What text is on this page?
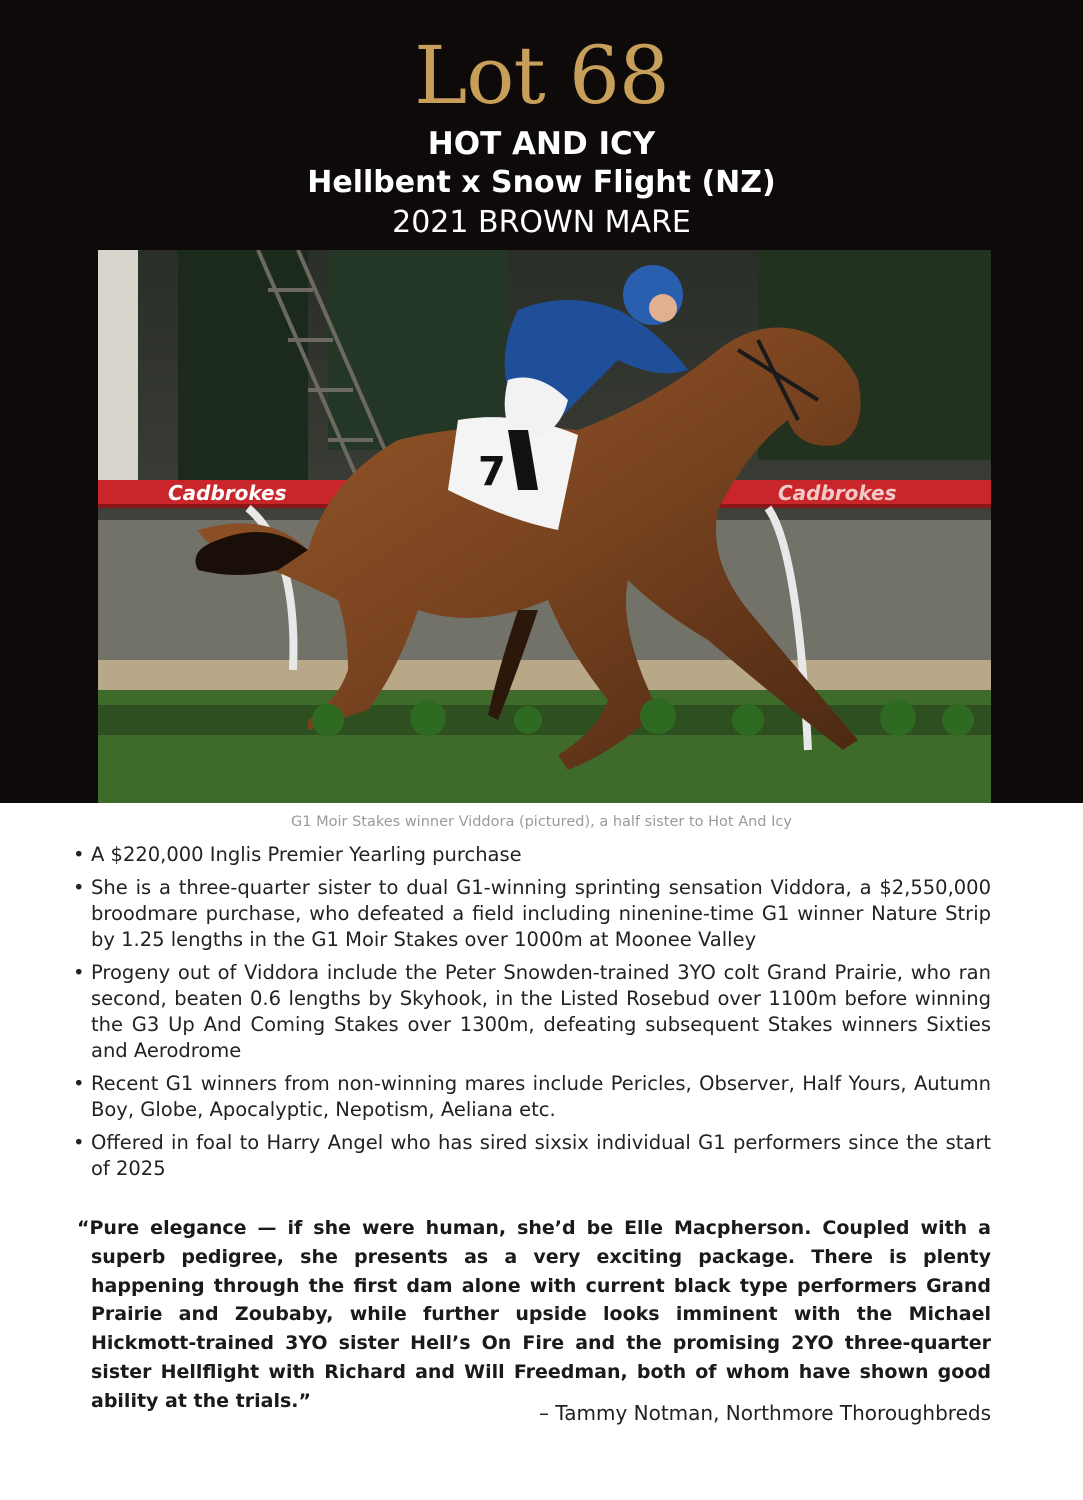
Lot 68
HOT AND ICY
Hellbent x Snow Flight (NZ)
2021 BROWN MARE
Cadbrokes	Cadbrokes
7
G1 Moir Stakes winner Viddora (pictured), a half sister to Hot And Icy
• A $220,000 Inglis Premier Yearling purchase
• She is a three-quarter sister to dual G1-winning sprinting sensation Viddora, a $2,550,000 broodmare purchase, who defeated a field including ninenine-time G1 winner Nature Strip by 1.25 lengths in the G1 Moir Stakes over 1000m at Moonee Valley
• Progeny out of Viddora include the Peter Snowden-trained 3YO colt Grand Prairie, who ran second, beaten 0.6 lengths by Skyhook, in the Listed Rosebud over 1100m before winning the G3 Up And Coming Stakes over 1300m, defeating subsequent Stakes winners Sixties and Aerodrome
• Recent G1 winners from non-winning mares include Pericles, Observer, Half Yours, Autumn Boy, Globe, Apocalyptic, Nepotism, Aeliana etc.
• Offered in foal to Harry Angel who has sired sixsix individual G1 performers since the start of 2025
“Pure elegance — if she were human, she’d be Elle Macpherson. Coupled with a superb pedigree, she presents as a very exciting package. There is plenty happening through the first dam alone with current black type performers Grand Prairie and Zoubaby, while further upside looks imminent with the Michael Hickmott-trained 3YO sister Hell’s On Fire and the promising 2YO three-quarter sister Hellflight with Richard and Will Freedman, both of whom have shown good ability at the trials.”
– Tammy Notman, Northmore Thoroughbreds
